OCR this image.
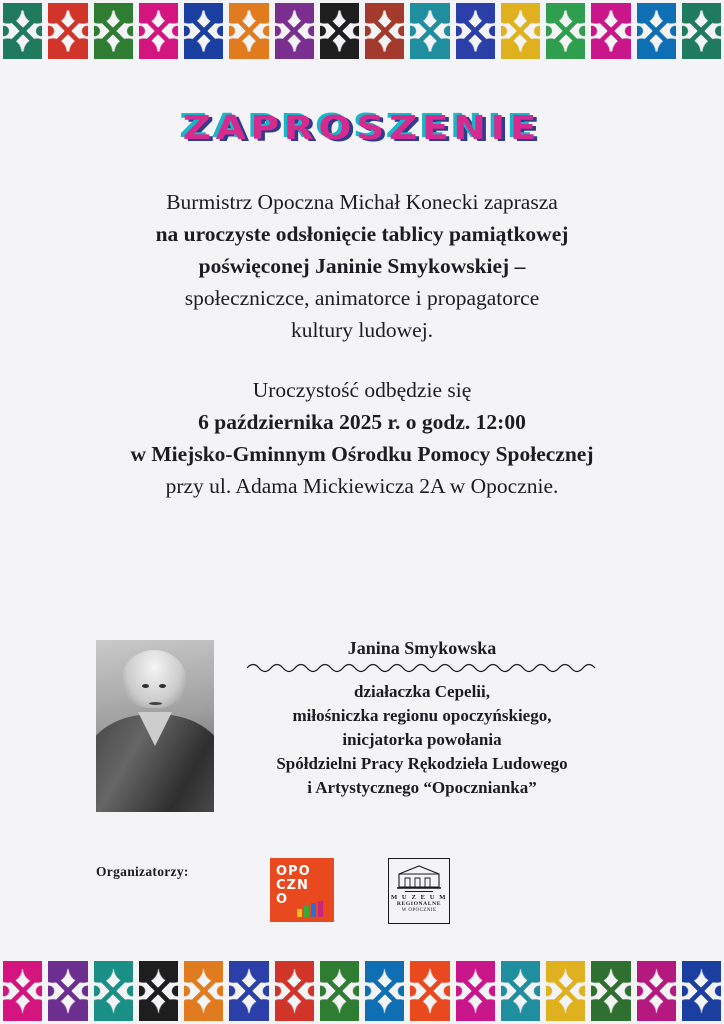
ZAPROSZENIE

Burmistrz Opoczna Michał Konecki zaprasza

na uroczyste odsłonięcie tablicy pamiątkowej

poświęconej Janinie Smykowskiej –

społeczniczce, animatorce i propagatorce

kultury ludowej.

Uroczystość odbędzie się

6 października 2025 r. o godz. 12:00

w Miejsko-Gminnym Ośrodku Pomocy Społecznej

przy ul. Adama Mickiewicza 2A w Opocznie.

Janina Smykowska

działaczka Cepelii,

miłośniczka regionu opoczyńskiego,

inicjatorka powołania

Spółdzielni Pracy Rękodzieła Ludowego

i Artystycznego “Opocznianka”

Organizatorzy:	OPO
CZN
O	M U Z E U M
REGIONALNE
W OPOCZNIE
